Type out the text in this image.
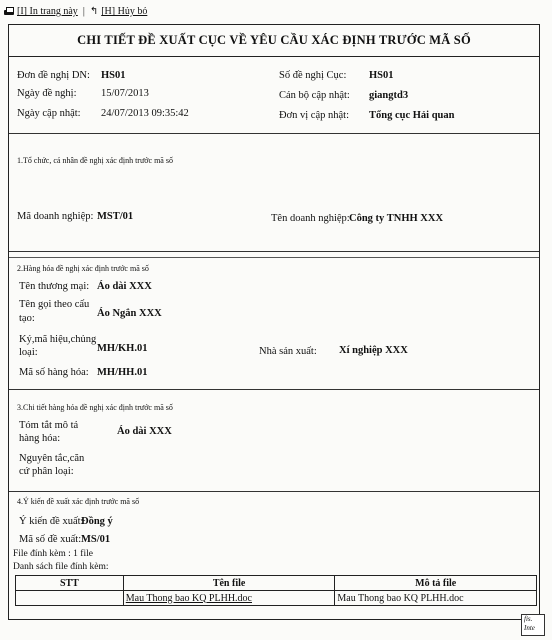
[I] In trang này | ↰ [H] Hủy bỏ
CHI TIẾT ĐỀ XUẤT CỤC VỀ YÊU CẦU XÁC ĐỊNH TRƯỚC MÃ SỐ
Đơn đề nghị DN: HS01
Ngày đề nghị: 15/07/2013
Ngày cập nhật: 24/07/2013 09:35:42
Số đề nghị Cục: HS01
Cán bộ cập nhật: giangtd3
Đơn vị cập nhật: Tổng cục Hải quan
1.Tổ chức, cá nhân đề nghị xác định trước mã số
Mã doanh nghiệp: MST/01	Tên doanh nghiệp: Công ty TNHH XXX
2.Hàng hóa đề nghị xác định trước mã số
Tên thương mại: Áo dài XXX
Tên gọi theo cấu
tạo:	Áo Ngắn XXX
Ký,mã hiệu,chủng
loại:	MH/KH.01	Nhà sản xuất: Xí nghiệp XXX
Mã số hàng hóa: MH/HH.01
3.Chi tiết hàng hóa đề nghị xác định trước mã số
Tóm tắt mô tả
hàng hóa:
Áo dài XXX
Nguyên tắc,căn
cứ phân loại:
4.Ý kiến đề xuất xác định trước mã số
Ý kiến đề xuất:
Đồng ý
Mã số đề xuất: MS/01
File đính kèm : 1 file
Danh sách file đính kèm:
STT	Tên file	Mô tả file
	Mau Thong bao KQ PLHH.doc	Mau Thong bao KQ PLHH.doc
fis.
Inte
